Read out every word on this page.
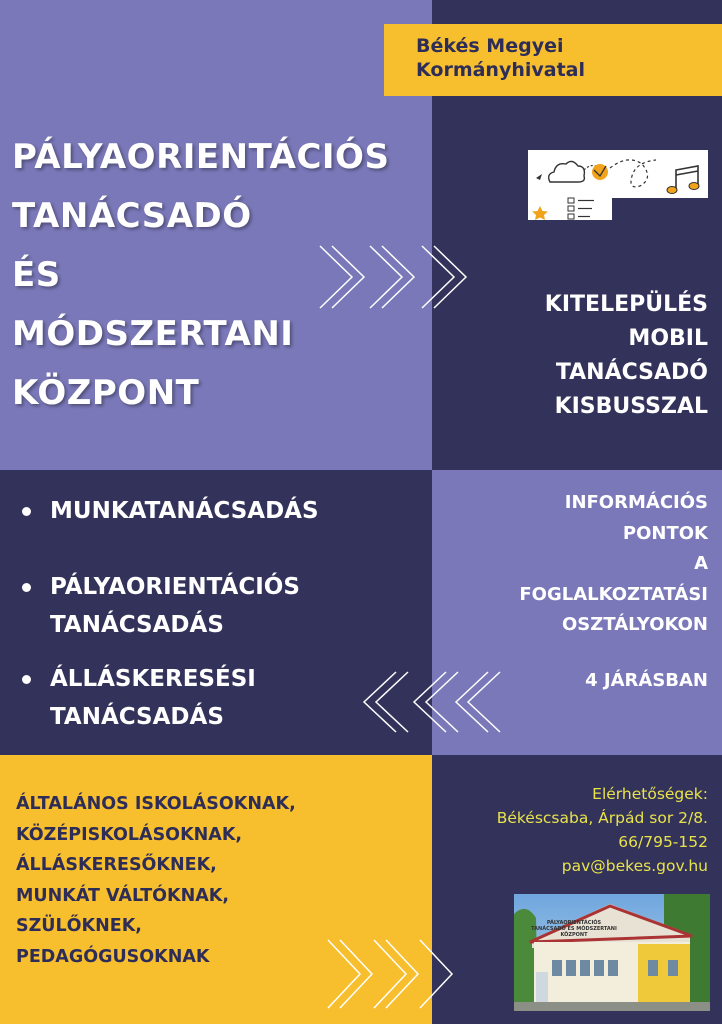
Békés Megyei
Kormányhivatal
PÁLYAORIENTÁCIÓS
TANÁCSADÓ
ÉS
MÓDSZERTANI
KÖZPONT
KITELEPÜLÉS
MOBIL
TANÁCSADÓ
KISBUSSZAL
MUNKATANÁCSADÁS
PÁLYAORIENTÁCIÓS
TANÁCSADÁS
ÁLLÁSKERESÉSI
TANÁCSADÁS
INFORMÁCIÓS
PONTOK
A
FOGLALKOZTATÁSI
OSZTÁLYOKON
4 JÁRÁSBAN
ÁLTALÁNOS ISKOLÁSOKNAK,
KÖZÉPISKOLÁSOKNAK,
ÁLLÁSKERESŐKNEK,
MUNKÁT VÁLTÓKNAK,
SZÜLŐKNEK,
PEDAGÓGUSOKNAK
Elérhetőségek:
Békéscsaba, Árpád sor 2/8.
66/795-152
pav@bekes.gov.hu
PÁLYAORIENTÁCIÓS
TANÁCSADÓ ÉS MÓDSZERTANI
KÖZPONT
